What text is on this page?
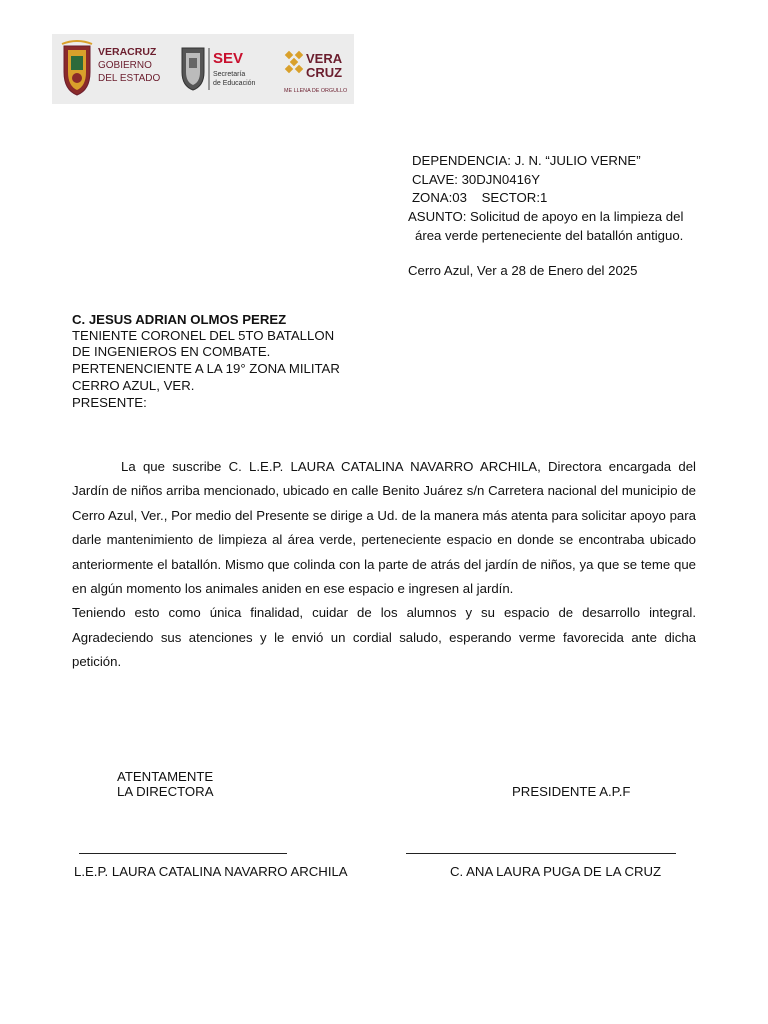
VERACRUZ
GOBIERNO
DEL ESTADO
SEV
Secretaría
de Educación
VERA
CRUZ
ME LLENA DE ORGULLO
DEPENDENCIA: J. N. “JULIO VERNE”
CLAVE: 30DJN0416Y
ZONA:03    SECTOR:1
ASUNTO: Solicitud de apoyo en la limpieza del
área verde perteneciente del batallón antiguo.
Cerro Azul, Ver a 28 de Enero del 2025
C. JESUS ADRIAN OLMOS PEREZ
TENIENTE CORONEL DEL 5TO BATALLON
DE INGENIEROS EN COMBATE.
PERTENENCIENTE A LA 19° ZONA MILITAR
CERRO AZUL, VER.
PRESENTE:

La que suscribe C. L.E.P. LAURA CATALINA NAVARRO ARCHILA, Directora encargada del Jardín de niños arriba mencionado, ubicado en calle Benito Juárez s/n Carretera nacional del municipio de Cerro Azul, Ver., Por medio del Presente se dirige a Ud. de la manera más atenta para solicitar apoyo para darle mantenimiento de limpieza al área verde, perteneciente espacio en donde se encontraba ubicado anteriormente el batallón. Mismo que colinda con la parte de atrás del jardín de niños, ya que se teme que en algún momento los animales aniden en ese espacio e ingresen al jardín.

Teniendo esto como única finalidad, cuidar de los alumnos y su espacio de desarrollo integral. Agradeciendo sus atenciones y le envió un cordial saludo, esperando verme favorecida ante dicha petición.

ATENTAMENTE
LA DIRECTORA	PRESIDENTE A.P.F
L.E.P. LAURA CATALINA NAVARRO ARCHILA	C. ANA LAURA PUGA DE LA CRUZ
